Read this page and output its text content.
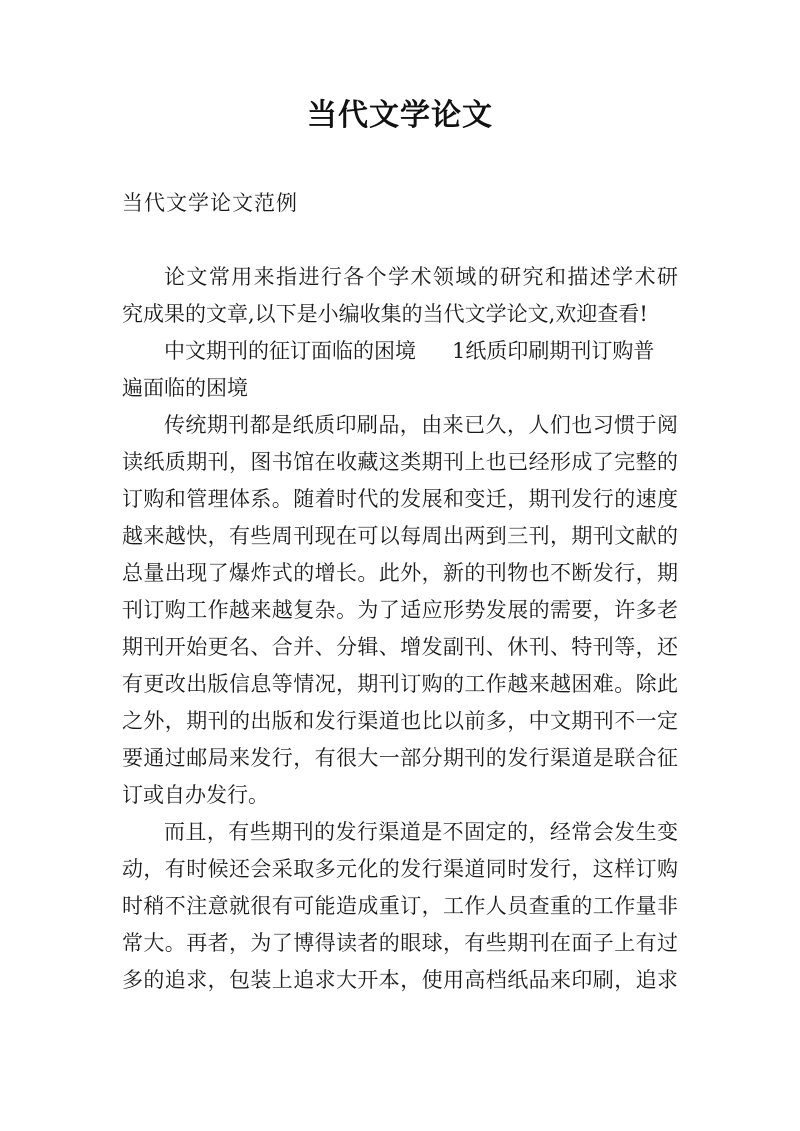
当代文学论文
当代文学论文范例
论文常用来指进行各个学术领域的研究和描述学术研
究成果的文章,以下是小编收集的当代文学论文,欢迎查看!
中文期刊的征订面临的困境 1纸质印刷期刊订购普
遍面临的困境
传统期刊都是纸质印刷品，由来已久，人们也习惯于阅
读纸质期刊，图书馆在收藏这类期刊上也已经形成了完整的
订购和管理体系。随着时代的发展和变迁，期刊发行的速度
越来越快，有些周刊现在可以每周出两到三刊，期刊文献的
总量出现了爆炸式的增长。此外，新的刊物也不断发行，期
刊订购工作越来越复杂。为了适应形势发展的需要，许多老
期刊开始更名、合并、分辑、增发副刊、休刊、特刊等，还
有更改出版信息等情况，期刊订购的工作越来越困难。除此
之外，期刊的出版和发行渠道也比以前多，中文期刊不一定
要通过邮局来发行，有很大一部分期刊的发行渠道是联合征
订或自办发行。
而且，有些期刊的发行渠道是不固定的，经常会发生变
动，有时候还会采取多元化的发行渠道同时发行，这样订购
时稍不注意就很有可能造成重订，工作人员查重的工作量非
常大。再者，为了博得读者的眼球，有些期刊在面子上有过
多的追求，包装上追求大开本，使用高档纸品来印刷，追求
